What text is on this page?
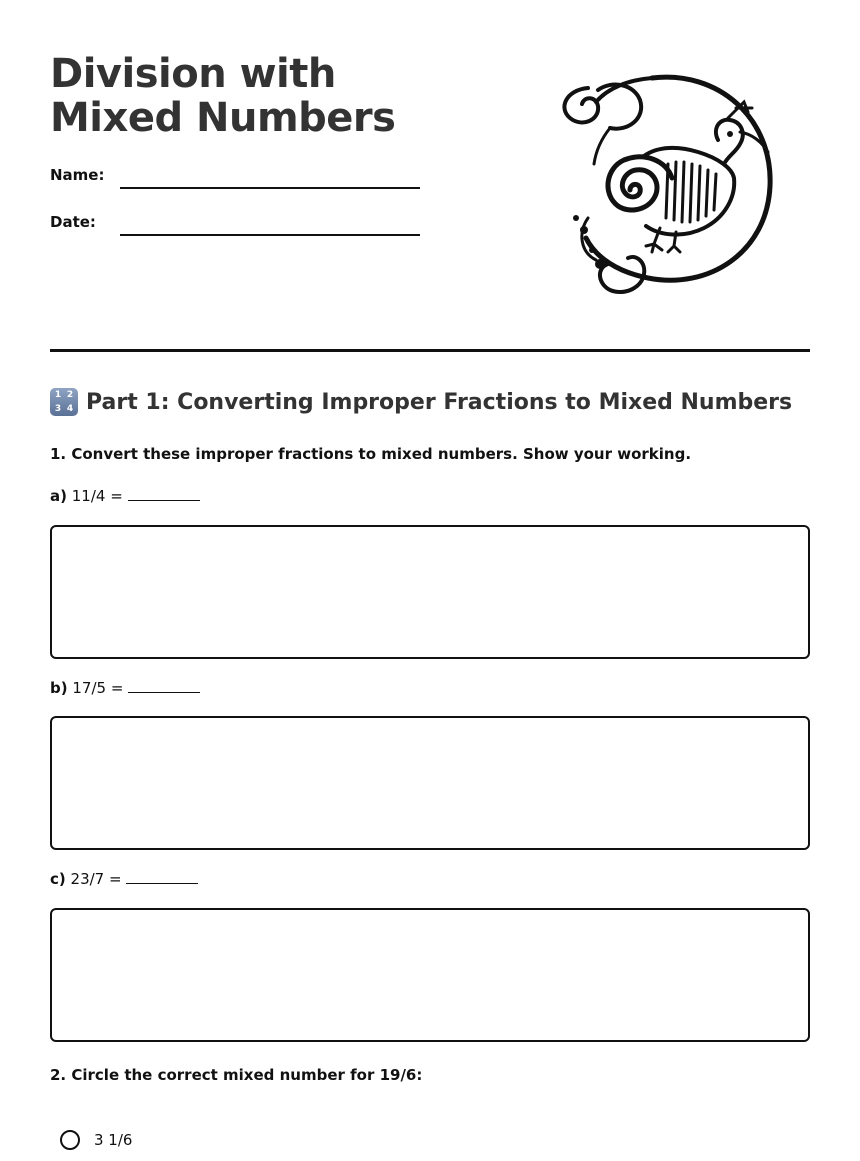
Division with Mixed Numbers
Name:
Date:
1 2
3 4 Part 1: Converting Improper Fractions to Mixed Numbers

1. Convert these improper fractions to mixed numbers. Show your working.

a) 11/4 =
b) 17/5 =
c) 23/7 =

2. Circle the correct mixed number for 19/6:

3 1/6
